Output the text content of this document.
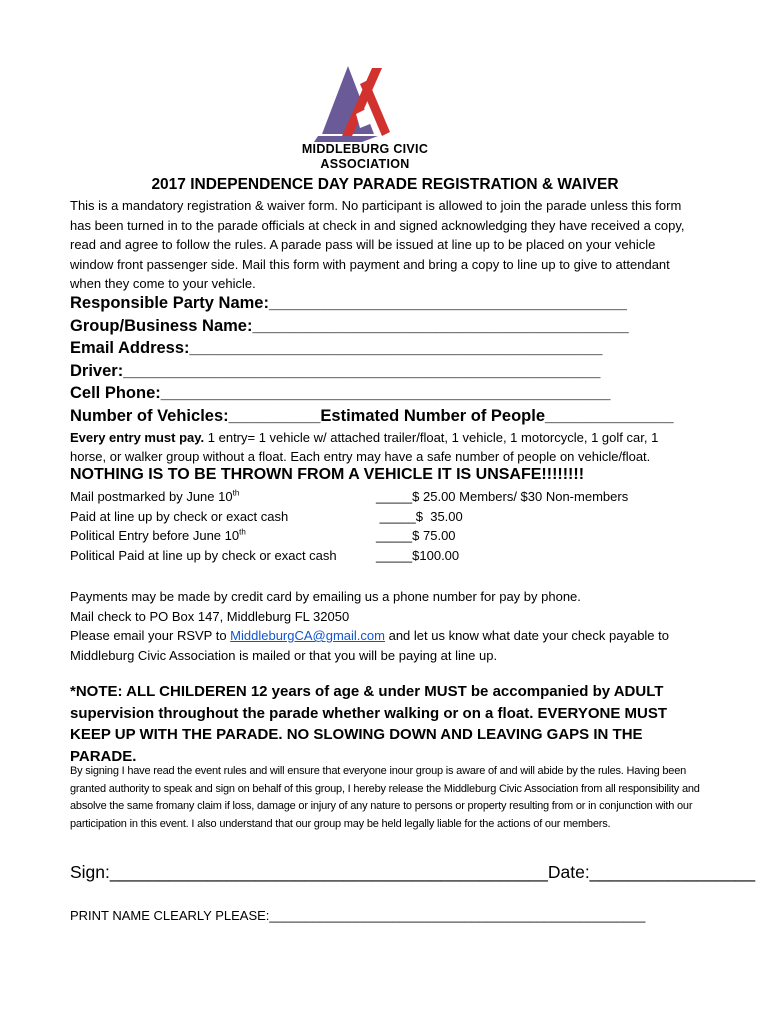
MIDDLEBURG CIVIC
ASSOCIATION
2017 INDEPENDENCE DAY PARADE REGISTRATION & WAIVER
This is a mandatory registration & waiver form. No participant is allowed to join the parade unless this form has been turned in to the parade officials at check in and signed acknowledging they have received a copy, read and agree to follow the rules. A parade pass will be issued at line up to be placed on your vehicle window front passenger side. Mail this form with payment and bring a copy to line up to give to attendant when they come to your vehicle.
Responsible Party Name:_______________________________________
Group/Business Name:_________________________________________
Email Address:_____________________________________________
Driver:____________________________________________________
Cell Phone:_________________________________________________
Number of Vehicles:__________Estimated Number of People______________
Every entry must pay. 1 entry= 1 vehicle w/ attached trailer/float, 1 vehicle, 1 motorcycle, 1 golf car, 1 horse, or walker group without a float. Each entry may have a safe number of people on vehicle/float.
NOTHING IS TO BE THROWN FROM A VEHICLE IT IS UNSAFE!!!!!!!!
Mail postmarked by June 10th	_____$ 25.00 Members/ $30 Non-members
Paid at line up by check or exact cash	_____$  35.00
Political Entry before June 10th	_____$ 75.00
Political Paid at line up by check or exact cash	_____$100.00
Payments may be made by credit card by emailing us a phone number for pay by phone.
Mail check to PO Box 147, Middleburg FL 32050
Please email your RSVP to MiddleburgCA@gmail.com and let us know what date your check payable to Middleburg Civic Association is mailed or that you will be paying at line up.
*NOTE: ALL CHILDEREN 12 years of age & under MUST be accompanied by ADULT supervision throughout the parade whether walking or on a float. EVERYONE MUST KEEP UP WITH THE PARADE. NO SLOWING DOWN AND LEAVING GAPS IN THE PARADE.
By signing I have read the event rules and will ensure that everyone inour group is aware of and will abide by the rules. Having been granted authority to speak and sign on behalf of this group, I hereby release the Middleburg Civic Association from all responsibility and absolve the same fromany claim if loss, damage or injury of any nature to persons or property resulting from or in conjunction with our participation in this event. I also understand that our group may be held legally liable for the actions of our members.
Sign:_____________________________________________Date:_________________
PRINT NAME CLEARLY PLEASE:____________________________________________________
